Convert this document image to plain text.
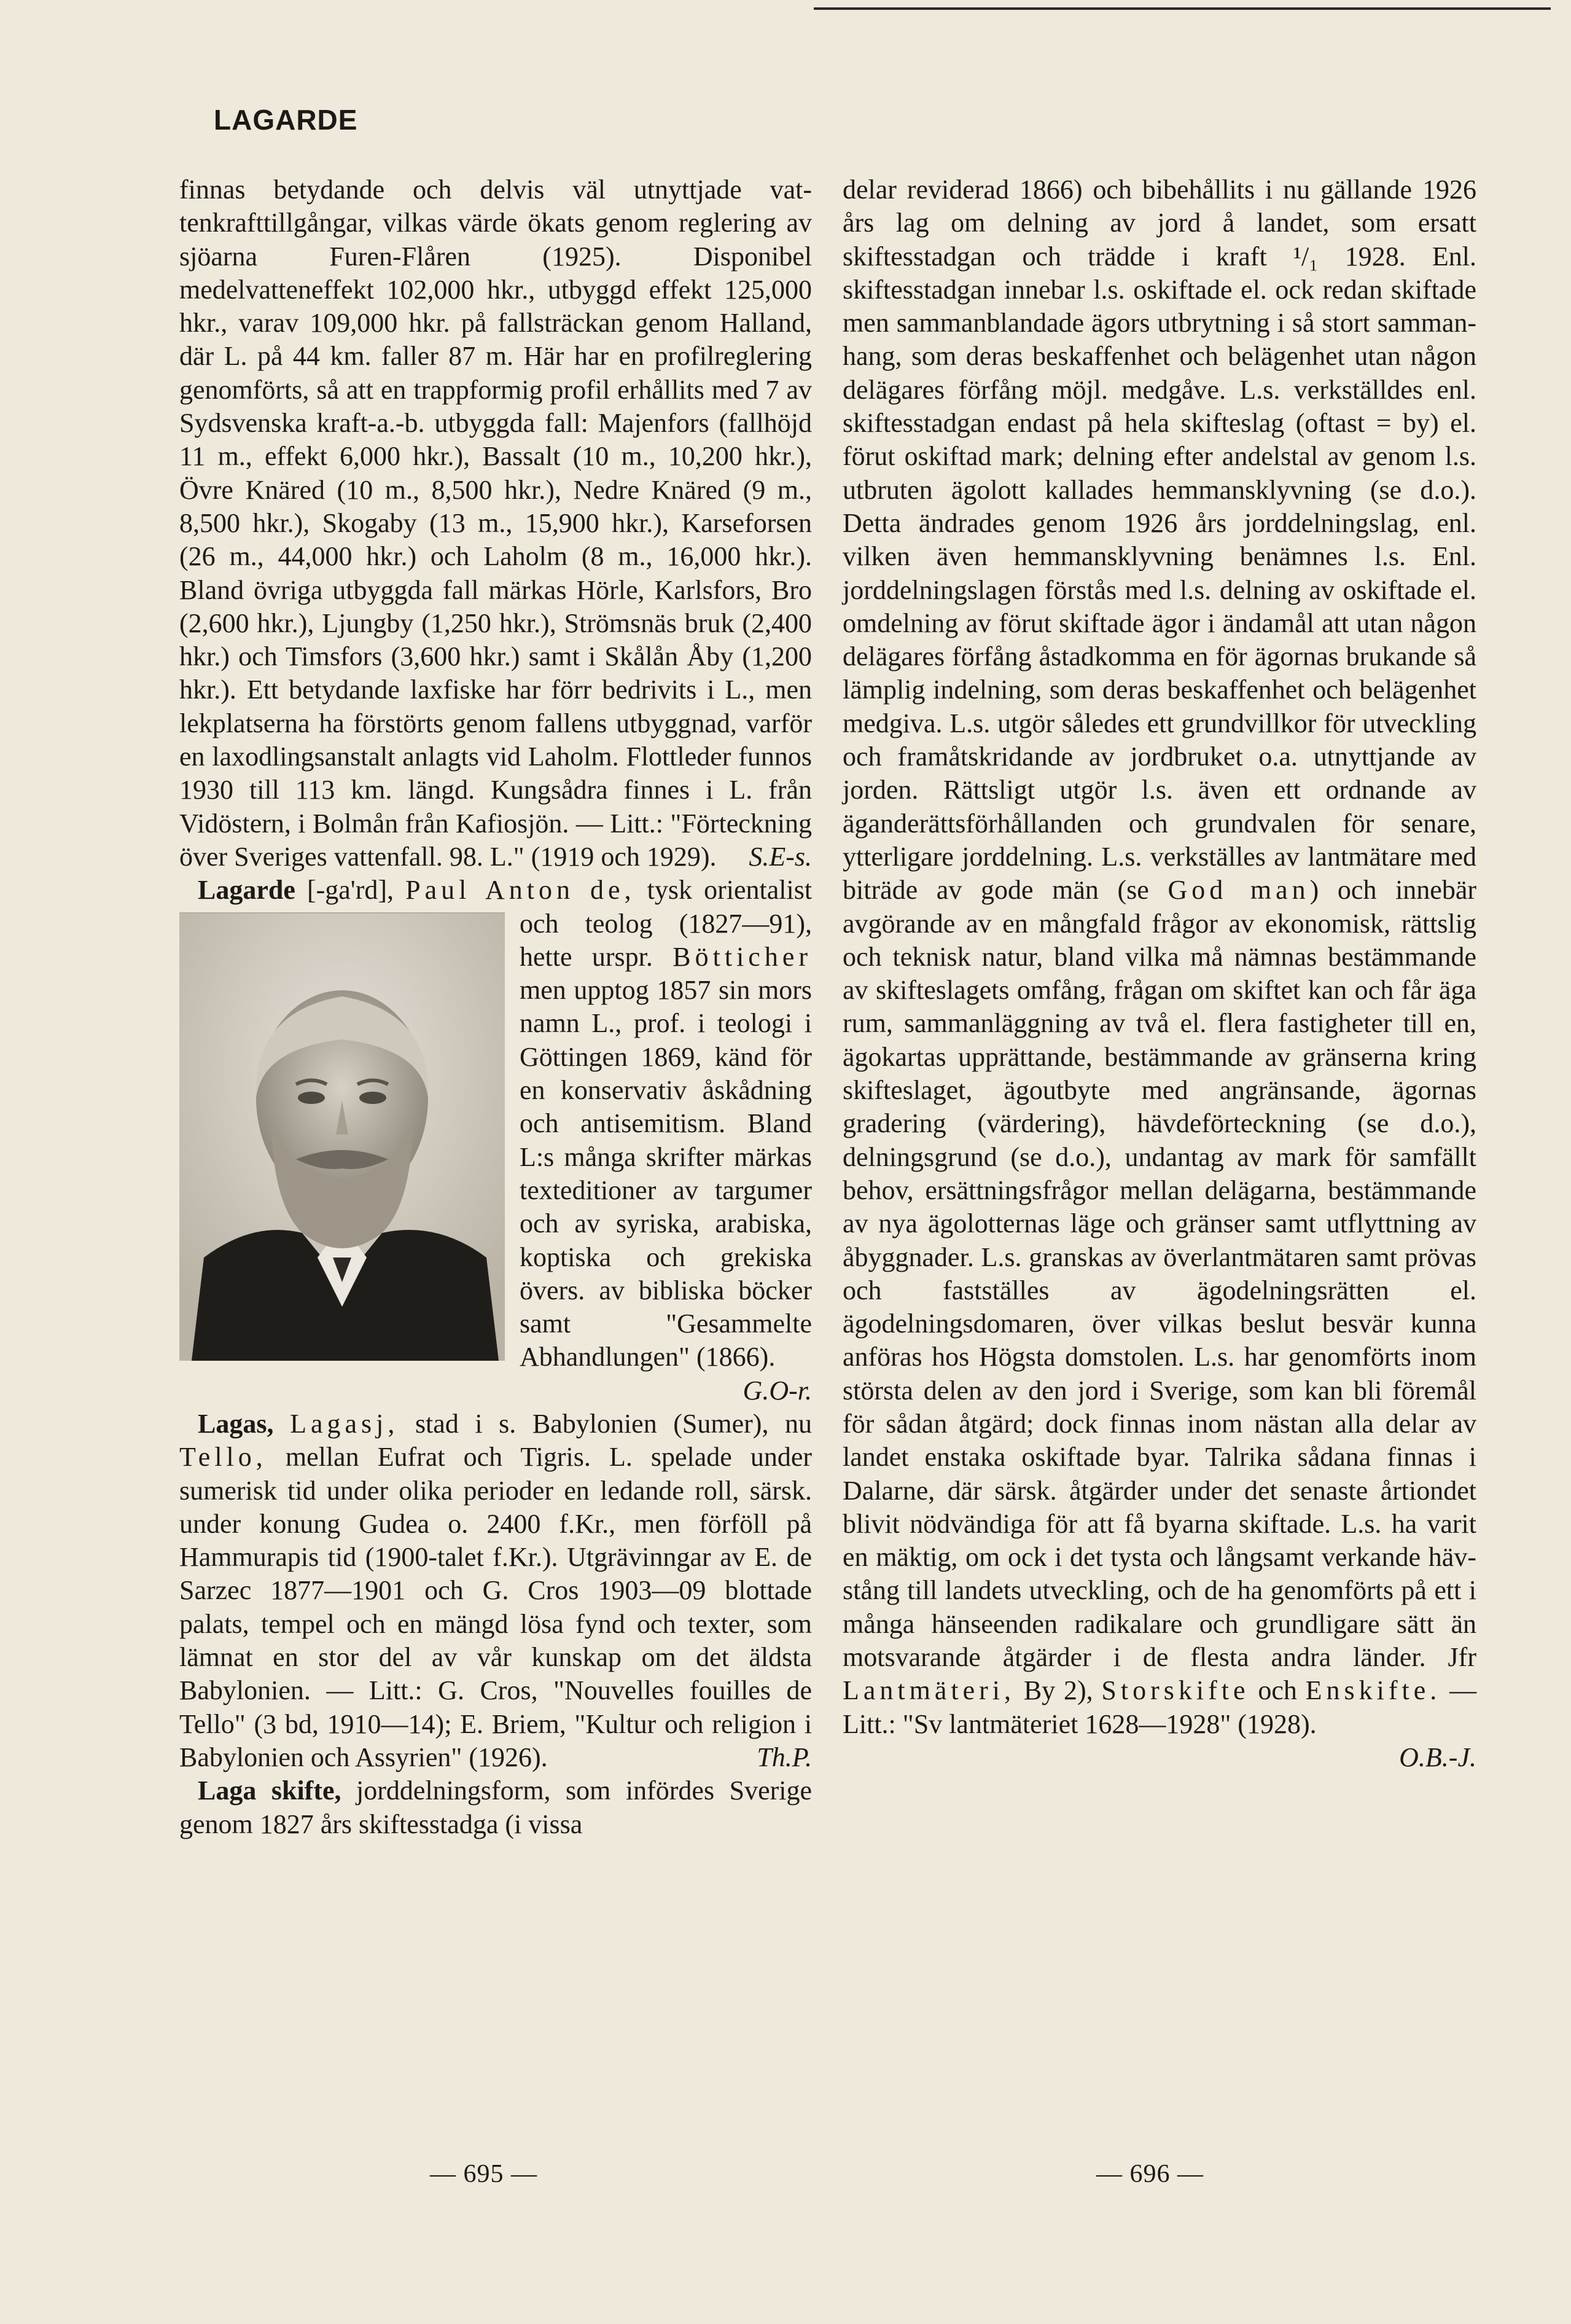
LAGARDE

finnas betydande och delvis väl utnyttjade vattenkrafttillgångar, vilkas värde ökats genom reglering av sjöarna Furen-Flåren (1925). Disponibel medelvatteneffekt 102,000 hkr., utbyggd effekt 125,000 hkr., varav 109,000 hkr. på fallsträckan genom Halland, där L. på 44 km. faller 87 m. Här har en profilreglering genomförts, så att en trappformig profil erhållits med 7 av Sydsvenska kraft-a.-b. utbyggda fall: Majenfors (fallhöjd 11 m., effekt 6,000 hkr.), Bassalt (10 m., 10,200 hkr.), Övre Knäred (10 m., 8,500 hkr.), Nedre Knäred (9 m., 8,500 hkr.), Skogaby (13 m., 15,900 hkr.), Karseforsen (26 m., 44,000 hkr.) och Laholm (8 m., 16,000 hkr.). Bland övriga utbyggda fall märkas Hörle, Karlsfors, Bro (2,600 hkr.), Ljungby (1,250 hkr.), Strömsnäs bruk (2,400 hkr.) och Timsfors (3,600 hkr.) samt i Skålån Åby (1,200 hkr.). Ett betydande laxfiske har förr bedrivits i L., men lekplatserna ha förstörts genom fallens utbyggnad, varför en laxodlingsanstalt anlagts vid Laholm. Flottleder funnos 1930 till 113 km. längd. Kungsådra finnes i L. från Vidöstern, i Bolmån från Kafiosjön. — Litt.: "Förteckning över Sveriges vattenfall. 98. L." (1919 och 1929).	S.E-s.

Lagarde [-ga'rd], Paul Anton de, tysk orientalist och teolog (1827—91), hette urspr. Bötticher men upptog 1857 sin mors namn L., prof. i teologi i Göttingen 1869, känd för en konservativ åskådning och antisemitism. Bland L:s många skrifter märkas texteditioner av targumer och av syriska, arabiska, koptiska och grekiska övers. av bibliska böcker samt "Gesammelte Abhandlungen" (1866).
G.O-r.

Lagas, Lagasj, stad i s. Babylonien (Sumer), nu Tello, mellan Eufrat och Tigris. L. spelade under sumerisk tid under olika perioder en ledande roll, särsk. under konung Gudea o. 2400 f.Kr., men förföll på Hammurapis tid (1900-talet f.Kr.). Utgrävinngar av E. de Sarzec 1877—1901 och G. Cros 1903—09 blottade palats, tempel och en mängd lösa fynd och texter, som lämnat en stor del av vår kunskap om det äldsta Babylonien. — Litt.: G. Cros, "Nouvelles fouilles de Tello" (3 bd, 1910—14); E. Briem, "Kultur och religion i Babylonien och Assyrien" (1926).	Th.P.

Laga skifte, jorddelningsform, som infördes Sverige genom 1827 års skiftesstadga (i vissa

delar reviderad 1866) och bibehållits i nu gällande 1926 års lag om delning av jord å landet, som ersatt skiftesstadgan och trädde i kraft ¹/₁ 1928. Enl. skiftesstadgan innebar l.s. oskiftade el. ock redan skiftade men sammanblandade ägors utbrytning i så stort sammanhang, som deras beskaffenhet och belägenhet utan någon delägares förfång möjl. medgåve. L.s. verkställdes enl. skiftesstadgan endast på hela skifteslag (oftast = by) el. förut oskiftad mark; delning efter andelstal av genom l.s. utbruten ägolott kallades hemmansklyvning (se d.o.). Detta ändrades genom 1926 års jorddelningslag, enl. vilken även hemmansklyvning benämnes l.s. Enl. jorddelningslagen förstås med l.s. delning av oskiftade el. omdelning av förut skiftade ägor i ändamål att utan någon delägares förfång åstadkomma en för ägornas brukande så lämplig indelning, som deras beskaffenhet och belägenhet medgiva. L.s. utgör således ett grundvillkor för utveckling och framåtskridande av jordbruket o.a. utnyttjande av jorden. Rättsligt utgör l.s. även ett ordnande av äganderättsförhållanden och grundvalen för senare, ytterligare jorddelning. L.s. verkställes av lantmätare med biträde av gode män (se God man) och innebär avgörande av en mångfald frågor av ekonomisk, rättslig och teknisk natur, bland vilka må nämnas bestämmande av skifteslagets omfång, frågan om skiftet kan och får äga rum, sammanläggning av två el. flera fastigheter till en, ägokartas upprättande, bestämmande av gränserna kring skifteslaget, ägoutbyte med angränsande, ägornas gradering (värdering), hävdeförteckning (se d.o.), delningsgrund (se d.o.), undantag av mark för samfällt behov, ersättningsfrågor mellan delägarna, bestämmande av nya ägolotternas läge och gränser samt utflyttning av åbyggnader. L.s. granskas av överlantmätaren samt prövas och fastställes av ägodelningsrätten el. ägodelningsdomaren, över vilkas beslut besvär kunna anföras hos Högsta domstolen. L.s. har genomförts inom största delen av den jord i Sverige, som kan bli föremål för sådan åtgärd; dock finnas inom nästan alla delar av landet enstaka oskiftade byar. Talrika sådana finnas i Dalarne, där särsk. åtgärder under det senaste årtiondet blivit nödvändiga för att få byarna skiftade. L.s. ha varit en mäktig, om ock i det tysta och långsamt verkande hävstång till landets utveckling, och de ha genomförts på ett i många hänseenden radikalare och grundligare sätt än motsvarande åtgärder i de flesta andra länder. Jfr Lantmäteri, By 2), Storskifte och Enskifte. — Litt.: "Sv lantmäteriet 1628—1928" (1928).

O.B.-J.
— 695 —	— 696 —
